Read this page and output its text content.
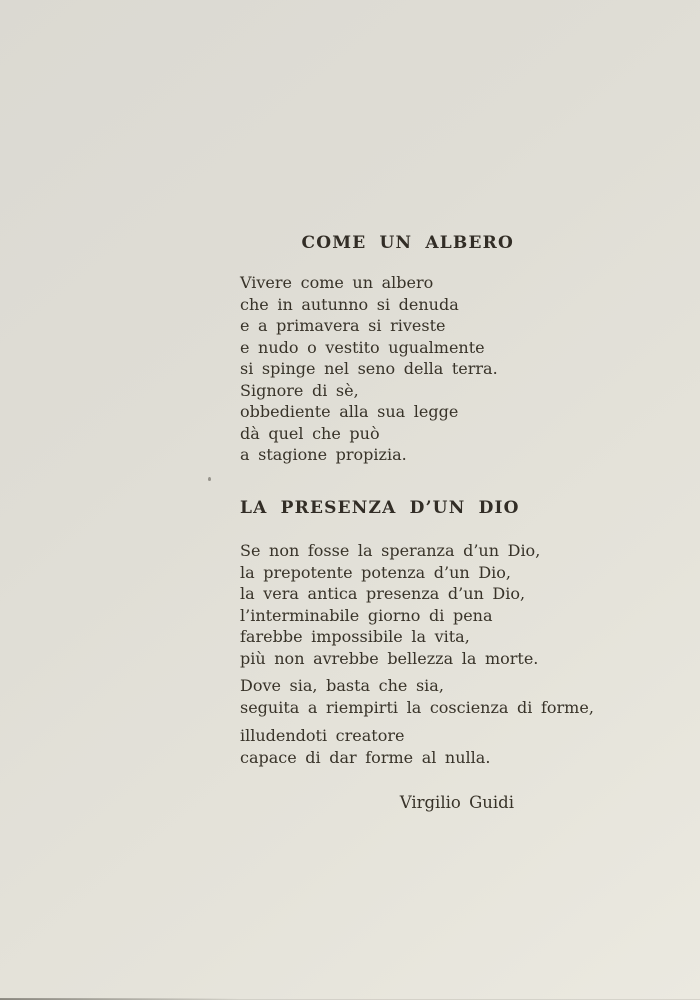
COME UN ALBERO
Vivere come un albero
che in autunno si denuda
e a primavera si riveste
e nudo o vestito ugualmente
si spinge nel seno della terra.
Signore di sè,
obbediente alla sua legge
dà quel che può
a stagione propizia.
LA PRESENZA D’UN DIO
Se non fosse la speranza d’un Dio,
la prepotente potenza d’un Dio,
la vera antica presenza d’un Dio,
l’interminabile giorno di pena
farebbe impossibile la vita,
più non avrebbe bellezza la morte.
Dove sia, basta che sia,
seguita a riempirti la coscienza di forme,
illudendoti creatore
capace di dar forme al nulla.
Virgilio Guidi
